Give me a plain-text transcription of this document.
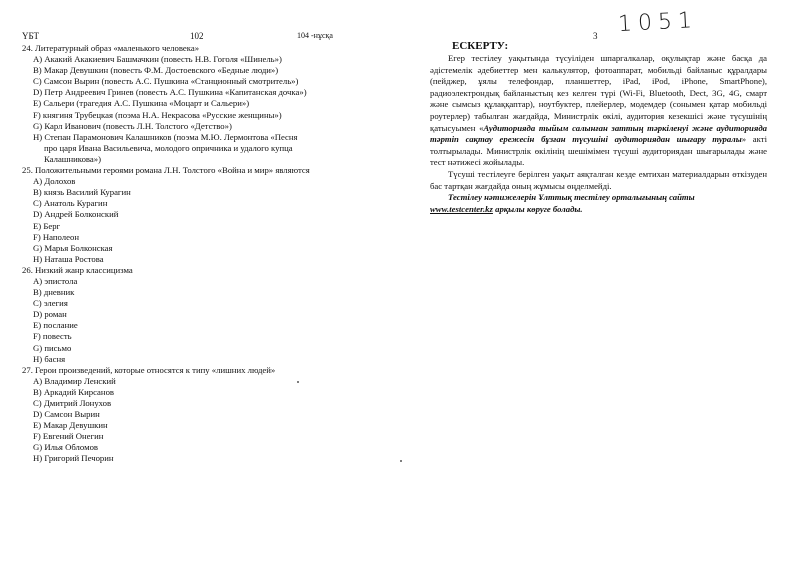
ҮБТ	102	104 -нұсқа
24. Литературный образ «маленького человека»
A) Акакий Акакиевич Башмачкин (повесть Н.В. Гоголя «Шинель»)
B) Макар Девушкин (повесть Ф.М. Достоевского «Бедные люди»)
C) Самсон Вырин (повесть А.С. Пушкина «Станционный смотритель»)
D) Петр Андреевич Гринев (повесть А.С. Пушкина «Капитанская дочка»)
E) Сальери (трагедия А.С. Пушкина «Моцарт и Сальери»)
F) княгиня Трубецкая (поэма Н.А. Некрасова «Русские женщины»)
G) Карл Иванович (повесть Л.Н. Толстого «Детство»)
H) Степан Парамонович Калашников (поэма М.Ю. Лермонтова «Песня
про царя Ивана Васильевича, молодого опричника и удалого купца
Калашникова»)
25. Положительными героями романа Л.Н. Толстого «Война и мир» являются
A) Долохов
B) князь Василий Курагин
C) Анатоль Курагин
D) Андрей Болконский
E) Берг
F) Наполеон
G) Марья Болконская
H) Наташа Ростова
26. Низкий жанр классицизма
A) эпистола
B) дневник
C) элегия
D) роман
E) послание
F) повесть
G) письмо
H) басня
27. Герои произведений, которые относятся к типу «лишних людей»
A) Владимир Ленский
B) Аркадий Кирсанов
C) Дмитрий Лонухов
D) Самсон Вырин
E) Макар Девушкин
F) Евгений Онегин
G) Илья Обломов
H) Григорий Печорин
3 1051
ЕСКЕРТУ:

Егер тестілеу уақытында түсуіліден шпаргалкалар, оқулықтар және басқа да әдістемелік әдебиеттер мен калькулятор, фотоаппарат, мобильді байланыс құралдары (пейджер, ұялы телефондар, планшеттер, iPad, iPod, iPhone, SmartPhone), радиоэлектрондық байланыстың кез келген түрі (Wi-Fi, Bluetooth, Dect, 3G, 4G, смарт және сымсыз құлаққаптар), ноутбуктер, плейерлер, модемдер (сонымен қатар мобильді роутерлер) табылған жағдайда, Министрлік өкілі, аудитория кезекшісі және түсушінің қатысуымен «Аудиторияда тыйым салынған заттың тәркіленуі және аудиторияда тәртіп сақтау ережесін бұзған түсушіні аудиториядан шығару туралы» акті толтырылады. Министрлік өкілінің шешімімен түсуші аудиториядан шығарылады және тест нәтижесі жойылады.

Түсуші тестілеуге берілген уақыт аяқталған кезде емтихан материалдарын өткізуден бас тартқан жағдайда оның жұмысы өңделмейді.

Тестілеу нәтижелерін Ұлттық тестілеу орталығының сайты
www.testcenter.kz арқылы көруге болады.
